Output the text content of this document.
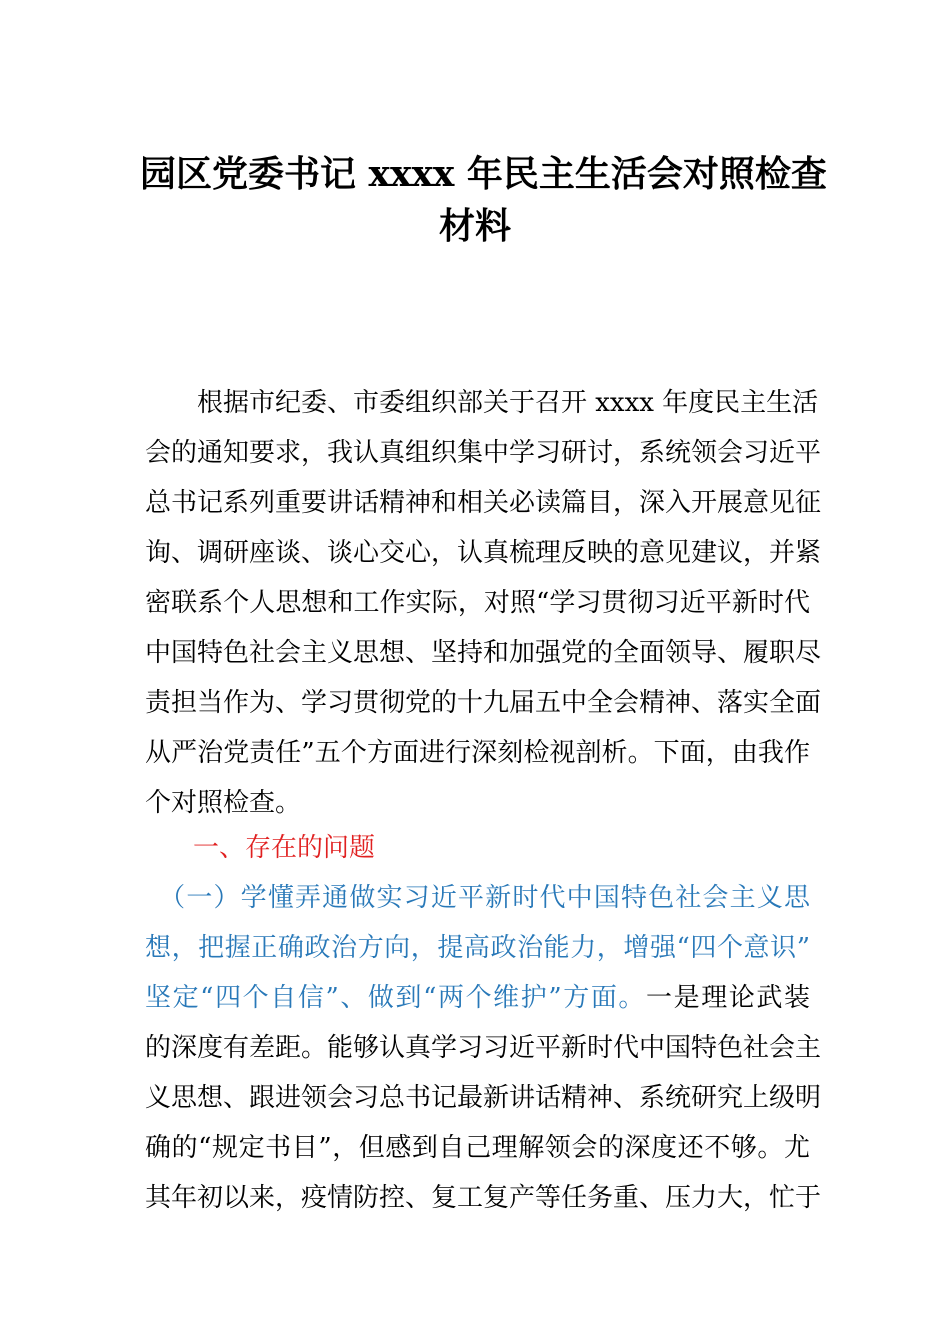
园区党委书记 xxxx 年民主生活会对照检查
材料
　　根据市纪委、市委组织部关于召开 xxxx 年度民主生活
会的通知要求，我认真组织集中学习研讨，系统领会习近平
总书记系列重要讲话精神和相关必读篇目，深入开展意见征
询、调研座谈、谈心交心，认真梳理反映的意见建议，并紧
密联系个人思想和工作实际，对照“学习贯彻习近平新时代
中国特色社会主义思想、坚持和加强党的全面领导、履职尽
责担当作为、学习贯彻党的十九届五中全会精神、落实全面
从严治党责任”五个方面进行深刻检视剖析。下面，由我作
个对照检查。
一、存在的问题
　（一）学懂弄通做实习近平新时代中国特色社会主义思
想，把握正确政治方向，提高政治能力，增强“四个意识”
坚定“四个自信”、做到“两个维护”方面。一是理论武装
的深度有差距。能够认真学习习近平新时代中国特色社会主
义思想、跟进领会习总书记最新讲话精神、系统研究上级明
确的“规定书目”，但感到自己理解领会的深度还不够。尤
其年初以来，疫情防控、复工复产等任务重、压力大，忙于
